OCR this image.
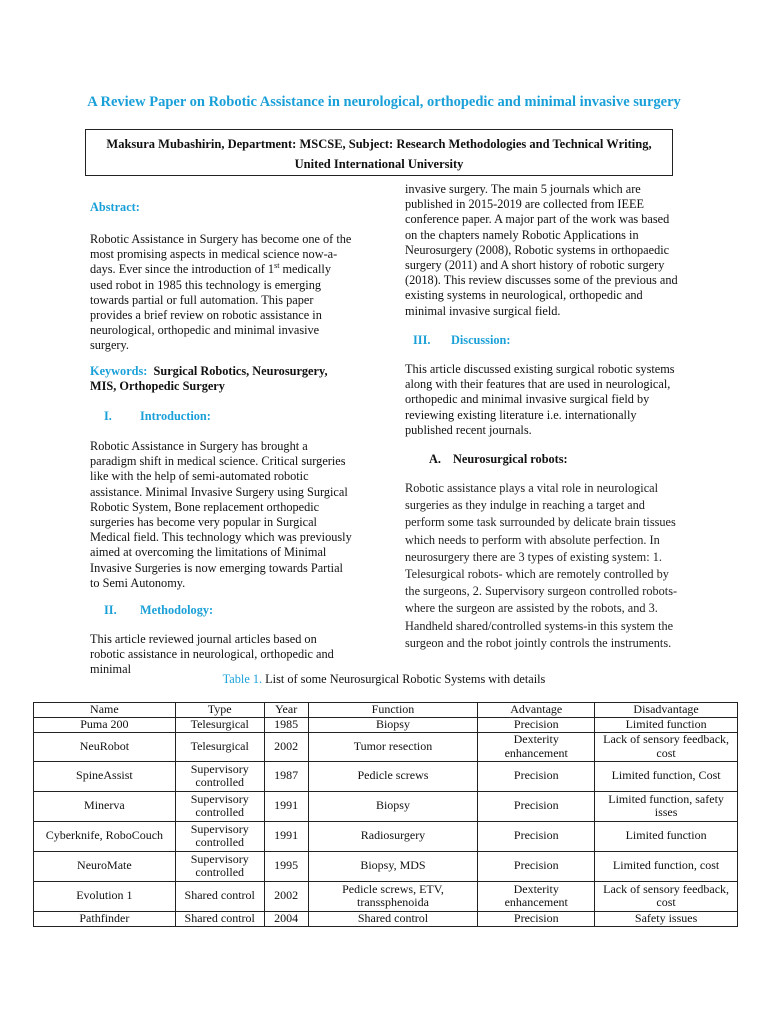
A Review Paper on Robotic Assistance in neurological, orthopedic and minimal invasive surgery
Maksura Mubashirin, Department: MSCSE, Subject: Research Methodologies and Technical Writing,
United International University
Abstract:
Robotic Assistance in Surgery has become one of the most promising aspects in medical science now-a-days. Ever since the introduction of 1st medically used robot in 1985 this technology is emerging towards partial or full automation. This paper provides a brief review on robotic assistance in neurological, orthopedic and minimal invasive surgery.
Keywords: Surgical Robotics, Neurosurgery, MIS, Orthopedic Surgery
I. Introduction:
Robotic Assistance in Surgery has brought a paradigm shift in medical science. Critical surgeries like with the help of semi-automated robotic assistance. Minimal Invasive Surgery using Surgical Robotic System, Bone replacement orthopedic surgeries has become very popular in Surgical Medical field. This technology which was previously aimed at overcoming the limitations of Minimal Invasive Surgeries is now emerging towards Partial to Semi Autonomy.
II. Methodology:
This article reviewed journal articles based on robotic assistance in neurological, orthopedic and minimal
invasive surgery. The main 5 journals which are published in 2015-2019 are collected from IEEE conference paper. A major part of the work was based on the chapters namely Robotic Applications in Neurosurgery (2008), Robotic systems in orthopaedic surgery (2011) and A short history of robotic surgery (2018). This review discusses some of the previous and existing systems in neurological, orthopedic and minimal invasive surgical field.
III. Discussion:
This article discussed existing surgical robotic systems along with their features that are used in neurological, orthopedic and minimal invasive surgical field by reviewing existing literature i.e. internationally published recent journals.
A. Neurosurgical robots:
Robotic assistance plays a vital role in neurological surgeries as they indulge in reaching a target and perform some task surrounded by delicate brain tissues which needs to perform with absolute perfection. In neurosurgery there are 3 types of existing system: 1. Telesurgical robots- which are remotely controlled by the surgeons, 2. Supervisory surgeon controlled robots- where the surgeon are assisted by the robots, and 3. Handheld shared/controlled systems-in this system the surgeon and the robot jointly controls the instruments.
Table 1. List of some Neurosurgical Robotic Systems with details
Name	Type	Year	Function	Advantage	Disadvantage
Puma 200	Telesurgical	1985	Biopsy	Precision	Limited function
NeuRobot	Telesurgical	2002	Tumor resection	Dexterity enhancement	Lack of sensory feedback, cost
SpineAssist	Supervisory controlled	1987	Pedicle screws	Precision	Limited function, Cost
Minerva	Supervisory controlled	1991	Biopsy	Precision	Limited function, safety isses
Cyberknife, RoboCouch	Supervisory controlled	1991	Radiosurgery	Precision	Limited function
NeuroMate	Supervisory controlled	1995	Biopsy, MDS	Precision	Limited function, cost
Evolution 1	Shared control	2002	Pedicle screws, ETV, transsphenoida	Dexterity enhancement	Lack of sensory feedback, cost
Pathfinder	Shared control	2004	Shared control	Precision	Safety issues
